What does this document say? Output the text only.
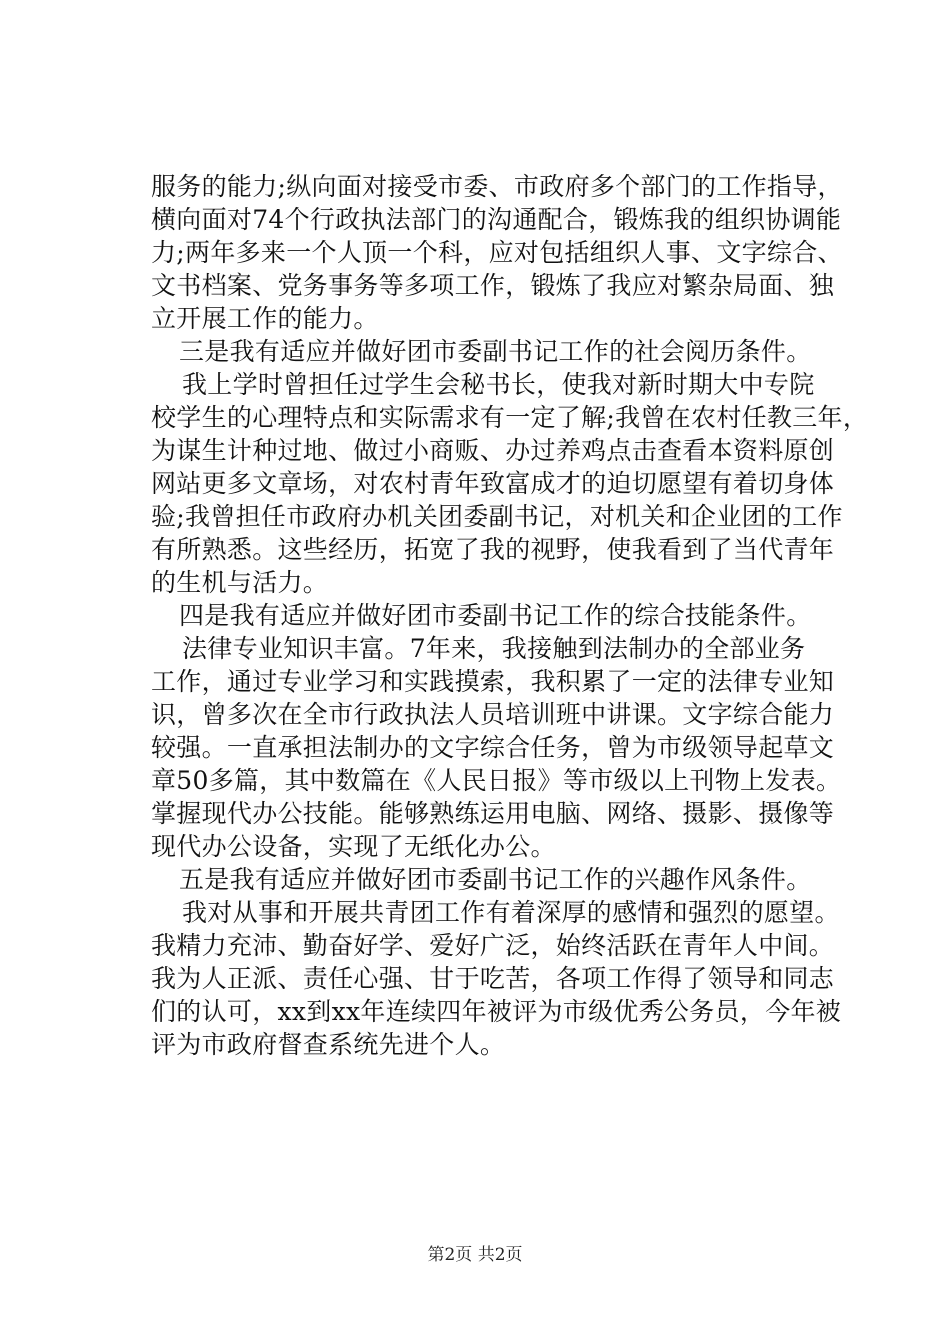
服务的能力;纵向面对接受市委、市政府多个部门的工作指导，
横向面对74个行政执法部门的沟通配合，锻炼我的组织协调能
力;两年多来一个人顶一个科，应对包括组织人事、文字综合、
文书档案、党务事务等多项工作，锻炼了我应对繁杂局面、独
立开展工作的能力。
三是我有适应并做好团市委副书记工作的社会阅历条件。
我上学时曾担任过学生会秘书长，使我对新时期大中专院
校学生的心理特点和实际需求有一定了解;我曾在农村任教三年，
为谋生计种过地、做过小商贩、办过养鸡点击查看本资料原创
网站更多文章场，对农村青年致富成才的迫切愿望有着切身体
验;我曾担任市政府办机关团委副书记，对机关和企业团的工作
有所熟悉。这些经历，拓宽了我的视野，使我看到了当代青年
的生机与活力。
四是我有适应并做好团市委副书记工作的综合技能条件。
法律专业知识丰富。7年来，我接触到法制办的全部业务
工作，通过专业学习和实践摸索，我积累了一定的法律专业知
识，曾多次在全市行政执法人员培训班中讲课。文字综合能力
较强。一直承担法制办的文字综合任务，曾为市级领导起草文
章50多篇，其中数篇在《人民日报》等市级以上刊物上发表。
掌握现代办公技能。能够熟练运用电脑、网络、摄影、摄像等
现代办公设备，实现了无纸化办公。
五是我有适应并做好团市委副书记工作的兴趣作风条件。
我对从事和开展共青团工作有着深厚的感情和强烈的愿望。
我精力充沛、勤奋好学、爱好广泛，始终活跃在青年人中间。
我为人正派、责任心强、甘于吃苦，各项工作得了领导和同志
们的认可，xx到xx年连续四年被评为市级优秀公务员，今年被
评为市政府督查系统先进个人。
第2页 共2页
